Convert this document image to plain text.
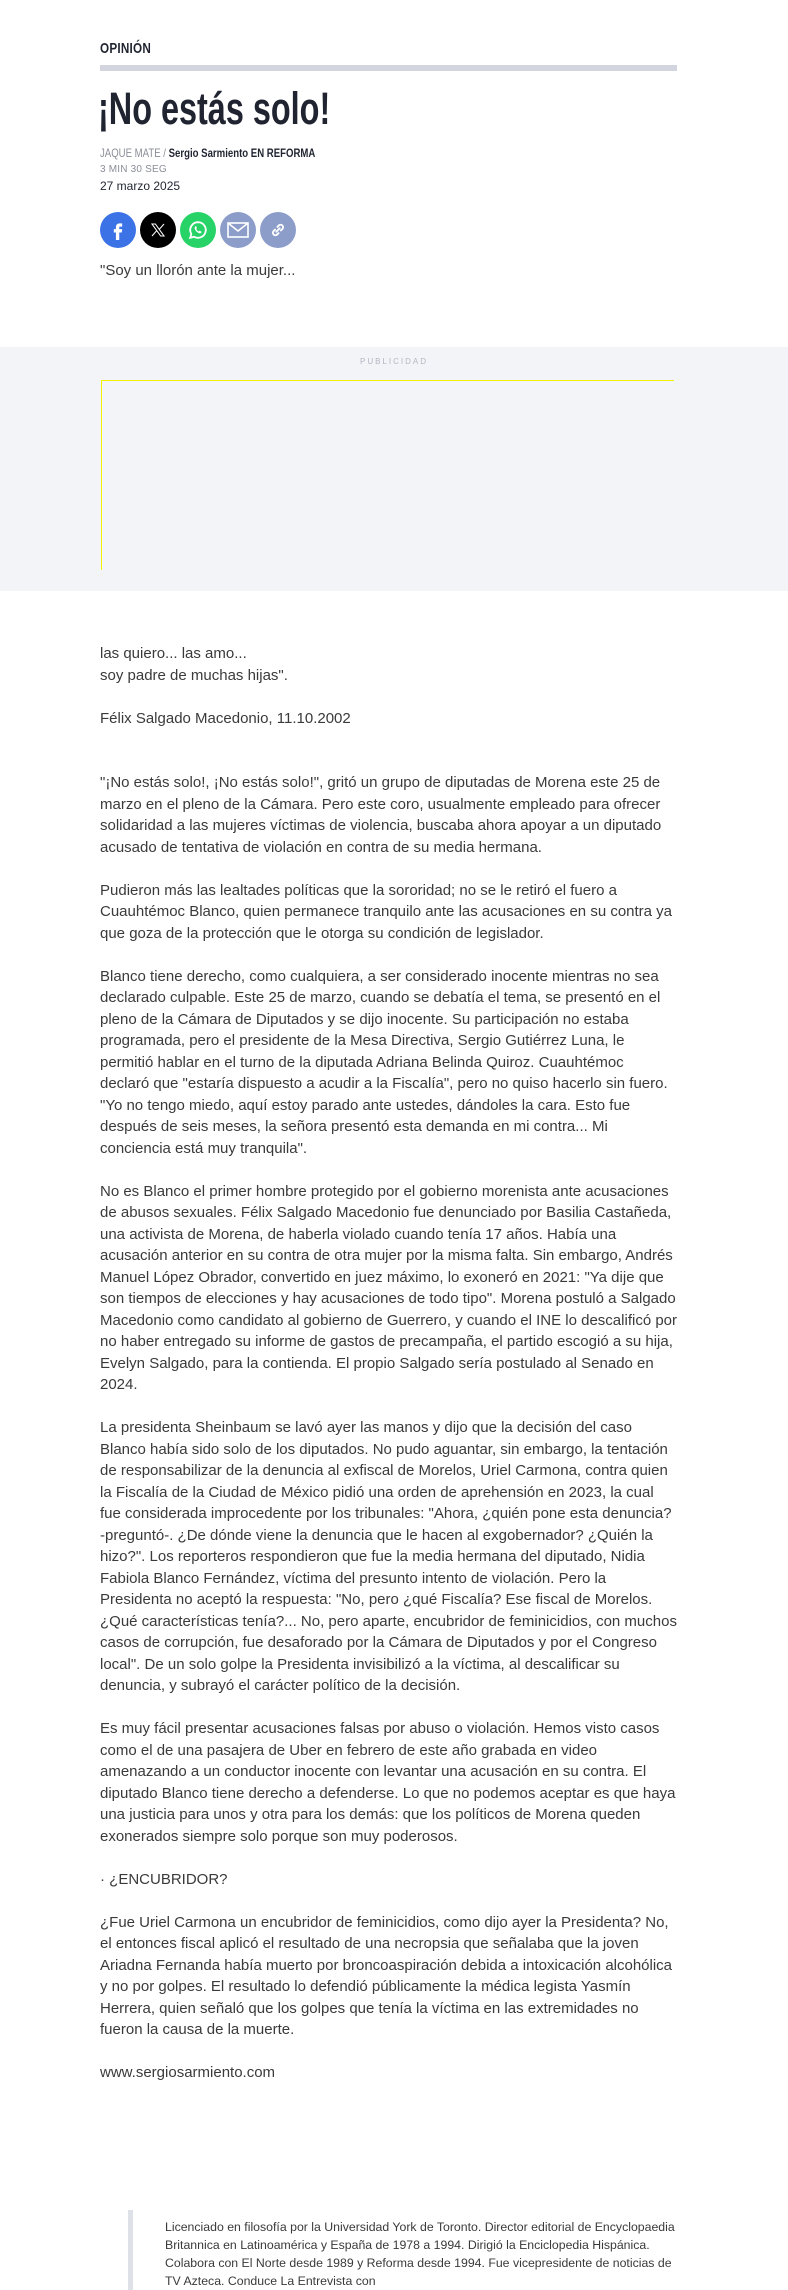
OPINIÓN
¡No estás solo!
JAQUE MATE / Sergio Sarmiento EN REFORMA
3 MIN 30 SEG
27 marzo 2025
"Soy un llorón ante la mujer...
PUBLICIDAD

las quiero... las amo...
soy padre de muchas hijas".

Félix Salgado Macedonio, 11.10.2002

"¡No estás solo!, ¡No estás solo!", gritó un grupo de diputadas de Morena este 25 de marzo en el pleno de la Cámara. Pero este coro, usualmente empleado para ofrecer solidaridad a las mujeres víctimas de violencia, buscaba ahora apoyar a un diputado acusado de tentativa de violación en contra de su media hermana.

Pudieron más las lealtades políticas que la sororidad; no se le retiró el fuero a Cuauhtémoc Blanco, quien permanece tranquilo ante las acusaciones en su contra ya que goza de la protección que le otorga su condición de legislador.

Blanco tiene derecho, como cualquiera, a ser considerado inocente mientras no sea declarado culpable. Este 25 de marzo, cuando se debatía el tema, se presentó en el pleno de la Cámara de Diputados y se dijo inocente. Su participación no estaba programada, pero el presidente de la Mesa Directiva, Sergio Gutiérrez Luna, le permitió hablar en el turno de la diputada Adriana Belinda Quiroz. Cuauhtémoc declaró que "estaría dispuesto a acudir a la Fiscalía", pero no quiso hacerlo sin fuero. "Yo no tengo miedo, aquí estoy parado ante ustedes, dándoles la cara. Esto fue después de seis meses, la señora presentó esta demanda en mi contra... Mi conciencia está muy tranquila".

No es Blanco el primer hombre protegido por el gobierno morenista ante acusaciones de abusos sexuales. Félix Salgado Macedonio fue denunciado por Basilia Castañeda, una activista de Morena, de haberla violado cuando tenía 17 años. Había una acusación anterior en su contra de otra mujer por la misma falta. Sin embargo, Andrés Manuel López Obrador, convertido en juez máximo, lo exoneró en 2021: "Ya dije que son tiempos de elecciones y hay acusaciones de todo tipo". Morena postuló a Salgado Macedonio como candidato al gobierno de Guerrero, y cuando el INE lo descalificó por no haber entregado su informe de gastos de precampaña, el partido escogió a su hija, Evelyn Salgado, para la contienda. El propio Salgado sería postulado al Senado en 2024.

La presidenta Sheinbaum se lavó ayer las manos y dijo que la decisión del caso Blanco había sido solo de los diputados. No pudo aguantar, sin embargo, la tentación de responsabilizar de la denuncia al exfiscal de Morelos, Uriel Carmona, contra quien la Fiscalía de la Ciudad de México pidió una orden de aprehensión en 2023, la cual fue considerada improcedente por los tribunales: "Ahora, ¿quién pone esta denuncia? -preguntó-. ¿De dónde viene la denuncia que le hacen al exgobernador? ¿Quién la hizo?". Los reporteros respondieron que fue la media hermana del diputado, Nidia Fabiola Blanco Fernández, víctima del presunto intento de violación. Pero la Presidenta no aceptó la respuesta: "No, pero ¿qué Fiscalía? Ese fiscal de Morelos. ¿Qué características tenía?... No, pero aparte, encubridor de feminicidios, con muchos casos de corrupción, fue desaforado por la Cámara de Diputados y por el Congreso local". De un solo golpe la Presidenta invisibilizó a la víctima, al descalificar su denuncia, y subrayó el carácter político de la decisión.

Es muy fácil presentar acusaciones falsas por abuso o violación. Hemos visto casos como el de una pasajera de Uber en febrero de este año grabada en video amenazando a un conductor inocente con levantar una acusación en su contra. El diputado Blanco tiene derecho a defenderse. Lo que no podemos aceptar es que haya una justicia para unos y otra para los demás: que los políticos de Morena queden exonerados siempre solo porque son muy poderosos.

· ¿ENCUBRIDOR?

¿Fue Uriel Carmona un encubridor de feminicidios, como dijo ayer la Presidenta? No, el entonces fiscal aplicó el resultado de una necropsia que señalaba que la joven Ariadna Fernanda había muerto por broncoaspiración debida a intoxicación alcohólica y no por golpes. El resultado lo defendió públicamente la médica legista Yasmín Herrera, quien señaló que los golpes que tenía la víctima en las extremidades no fueron la causa de la muerte.

www.sergiosarmiento.com

Licenciado en filosofía por la Universidad York de Toronto. Director editorial de Encyclopaedia Britannica en Latinoamérica y España de 1978 a 1994. Dirigió la Enciclopedia Hispánica. Colabora con El Norte desde 1989 y Reforma desde 1994. Fue vicepresidente de noticias de TV Azteca. Conduce La Entrevista con
